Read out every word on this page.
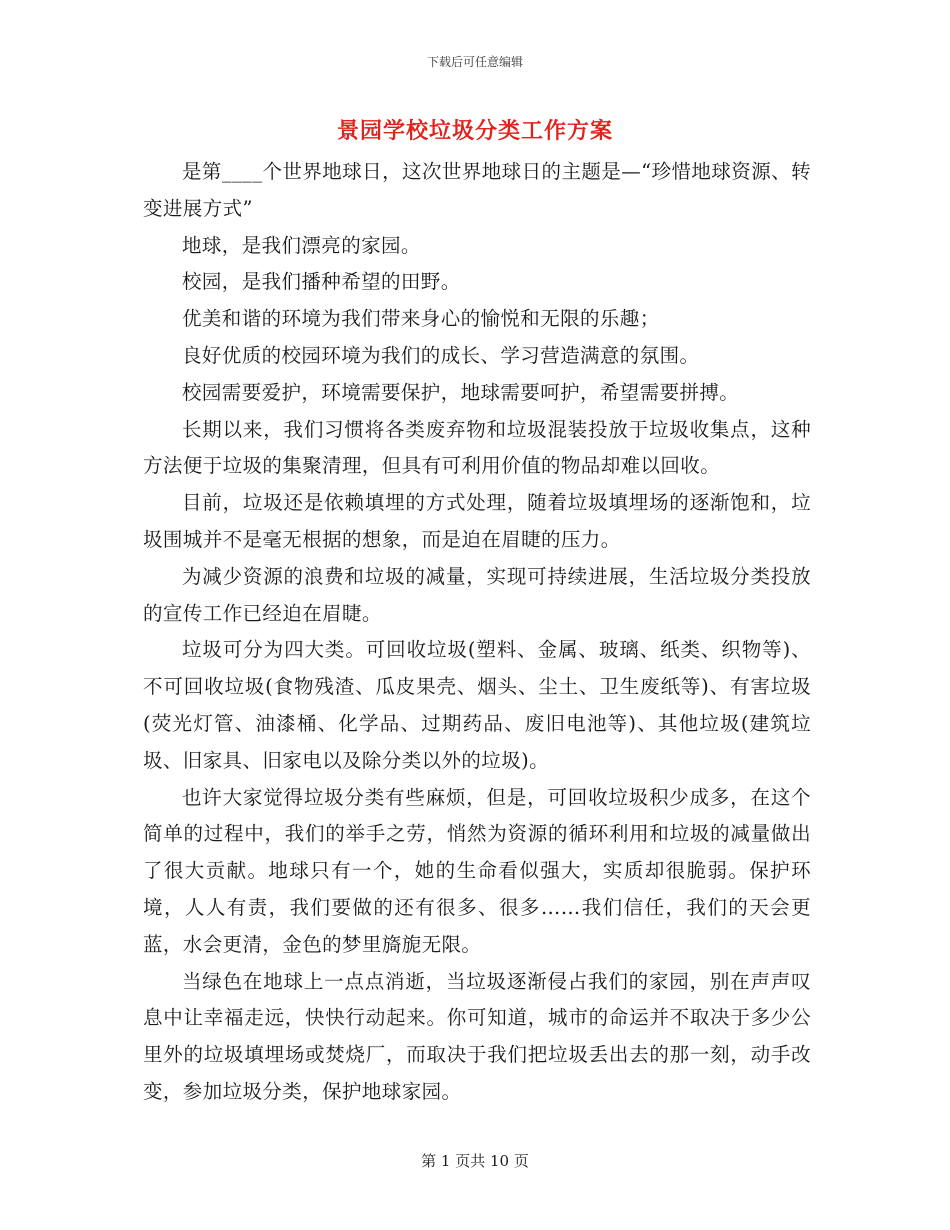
下载后可任意编辑
景园学校垃圾分类工作方案

是第____个世界地球日，这次世界地球日的主题是—“珍惜地球资源、转变进展方式”

地球，是我们漂亮的家园。

校园，是我们播种希望的田野。

优美和谐的环境为我们带来身心的愉悦和无限的乐趣；

良好优质的校园环境为我们的成长、学习营造满意的氛围。

校园需要爱护，环境需要保护，地球需要呵护，希望需要拼搏。

长期以来，我们习惯将各类废弃物和垃圾混装投放于垃圾收集点，这种方法便于垃圾的集聚清理，但具有可利用价值的物品却难以回收。

目前，垃圾还是依赖填埋的方式处理，随着垃圾填埋场的逐渐饱和，垃圾围城并不是毫无根据的想象，而是迫在眉睫的压力。

为减少资源的浪费和垃圾的减量，实现可持续进展，生活垃圾分类投放的宣传工作已经迫在眉睫。

垃圾可分为四大类。可回收垃圾(塑料、金属、玻璃、纸类、织物等)、不可回收垃圾(食物残渣、瓜皮果壳、烟头、尘土、卫生废纸等)、有害垃圾(荧光灯管、油漆桶、化学品、过期药品、废旧电池等)、其他垃圾(建筑垃圾、旧家具、旧家电以及除分类以外的垃圾)。

也许大家觉得垃圾分类有些麻烦，但是，可回收垃圾积少成多，在这个简单的过程中，我们的举手之劳，悄然为资源的循环利用和垃圾的减量做出了很大贡献。地球只有一个，她的生命看似强大，实质却很脆弱。保护环境，人人有责，我们要做的还有很多、很多……我们信任，我们的天会更蓝，水会更清，金色的梦里旖旎无限。

当绿色在地球上一点点消逝，当垃圾逐渐侵占我们的家园，别在声声叹息中让幸福走远，快快行动起来。你可知道，城市的命运并不取决于多少公里外的垃圾填埋场或焚烧厂，而取决于我们把垃圾丢出去的那一刻，动手改变，参加垃圾分类，保护地球家园。

第 1 页共 10 页
